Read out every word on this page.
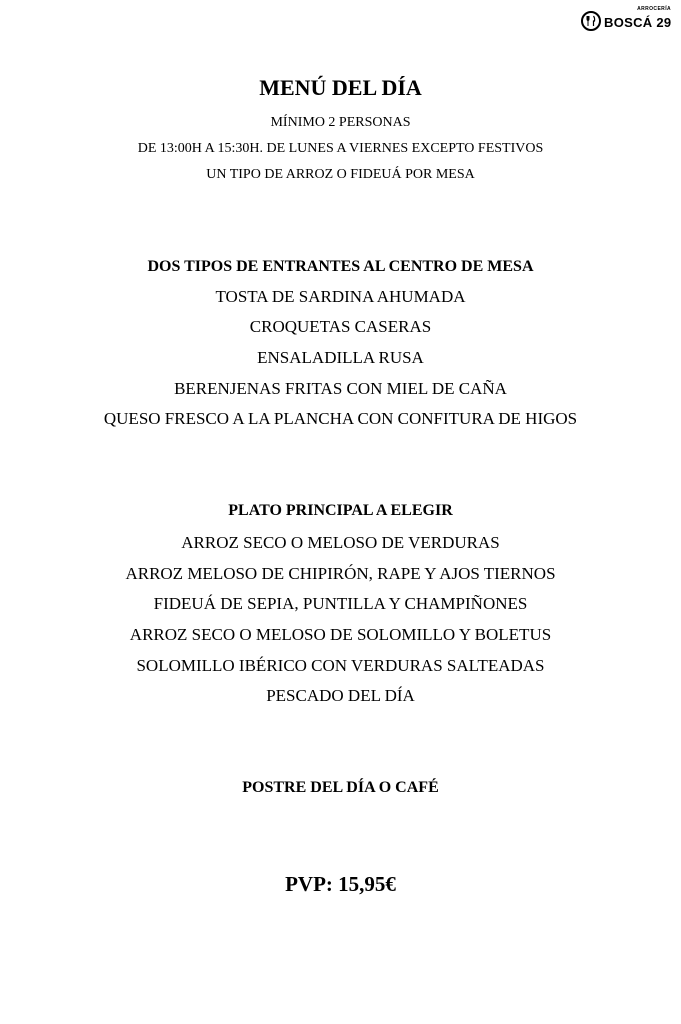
ARROCERÍA
BOSCÁ 29
MENÚ DEL DÍA
MÍNIMO 2 PERSONAS
DE 13:00H A 15:30H. DE LUNES A VIERNES EXCEPTO FESTIVOS
UN TIPO DE ARROZ O FIDEUÁ POR MESA
DOS TIPOS DE ENTRANTES AL CENTRO DE MESA
TOSTA DE SARDINA AHUMADA
CROQUETAS CASERAS
ENSALADILLA RUSA
BERENJENAS FRITAS CON MIEL DE CAÑA
QUESO FRESCO A LA PLANCHA CON CONFITURA DE HIGOS
PLATO PRINCIPAL A ELEGIR
ARROZ SECO O MELOSO DE VERDURAS
ARROZ MELOSO DE CHIPIRÓN, RAPE Y AJOS TIERNOS
FIDEUÁ DE SEPIA, PUNTILLA Y CHAMPIÑONES
ARROZ SECO O MELOSO DE SOLOMILLO Y BOLETUS
SOLOMILLO IBÉRICO CON VERDURAS SALTEADAS
PESCADO DEL DÍA
POSTRE DEL DÍA O CAFÉ
PVP: 15,95€
